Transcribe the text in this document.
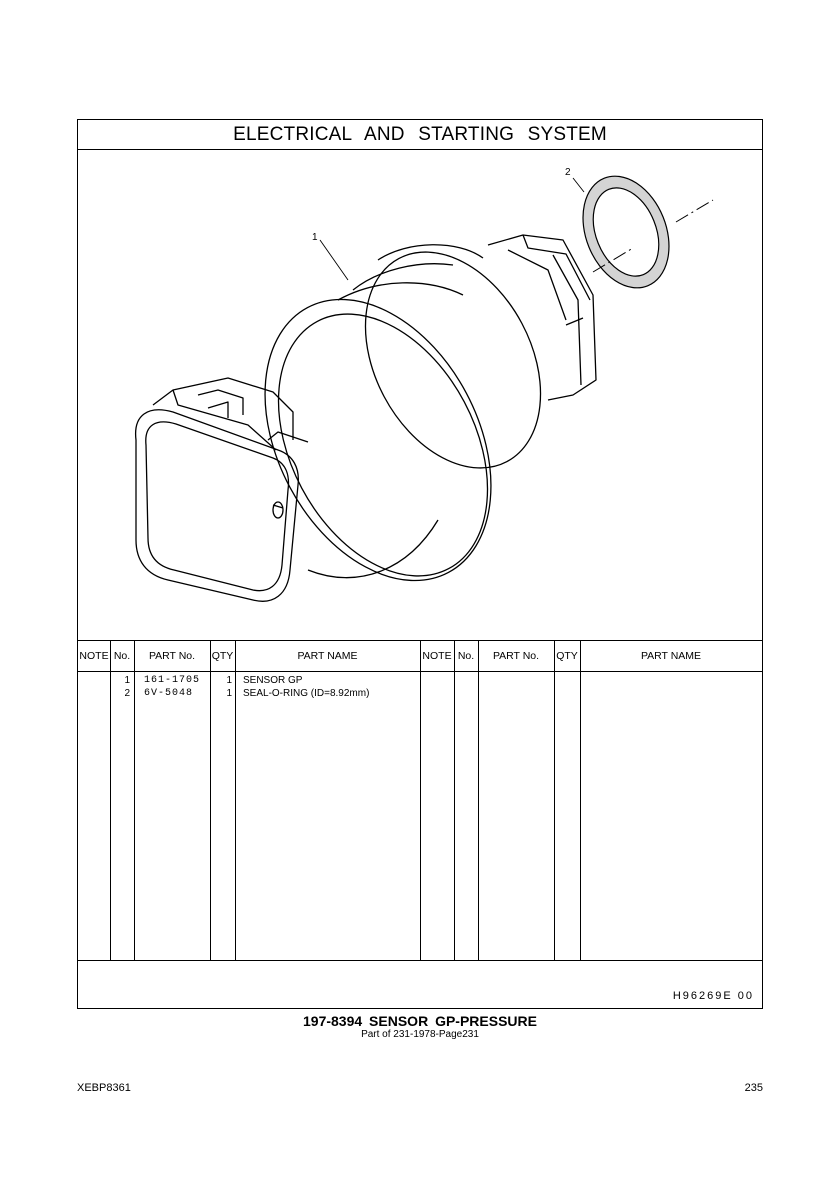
ELECTRICAL AND STARTING SYSTEM
1
2
NOTE No.	PART No.	QTY	PART NAME	NOTE No.	PART No.	QTY	PART NAME
1 161-1705	1 SENSOR GP
2 6V-5048	1 SEAL-O-RING (ID=8.92mm)
H96269E 00
197-8394 SENSOR GP-PRESSURE
Part of 231-1978-Page231
XEBP8361	235
